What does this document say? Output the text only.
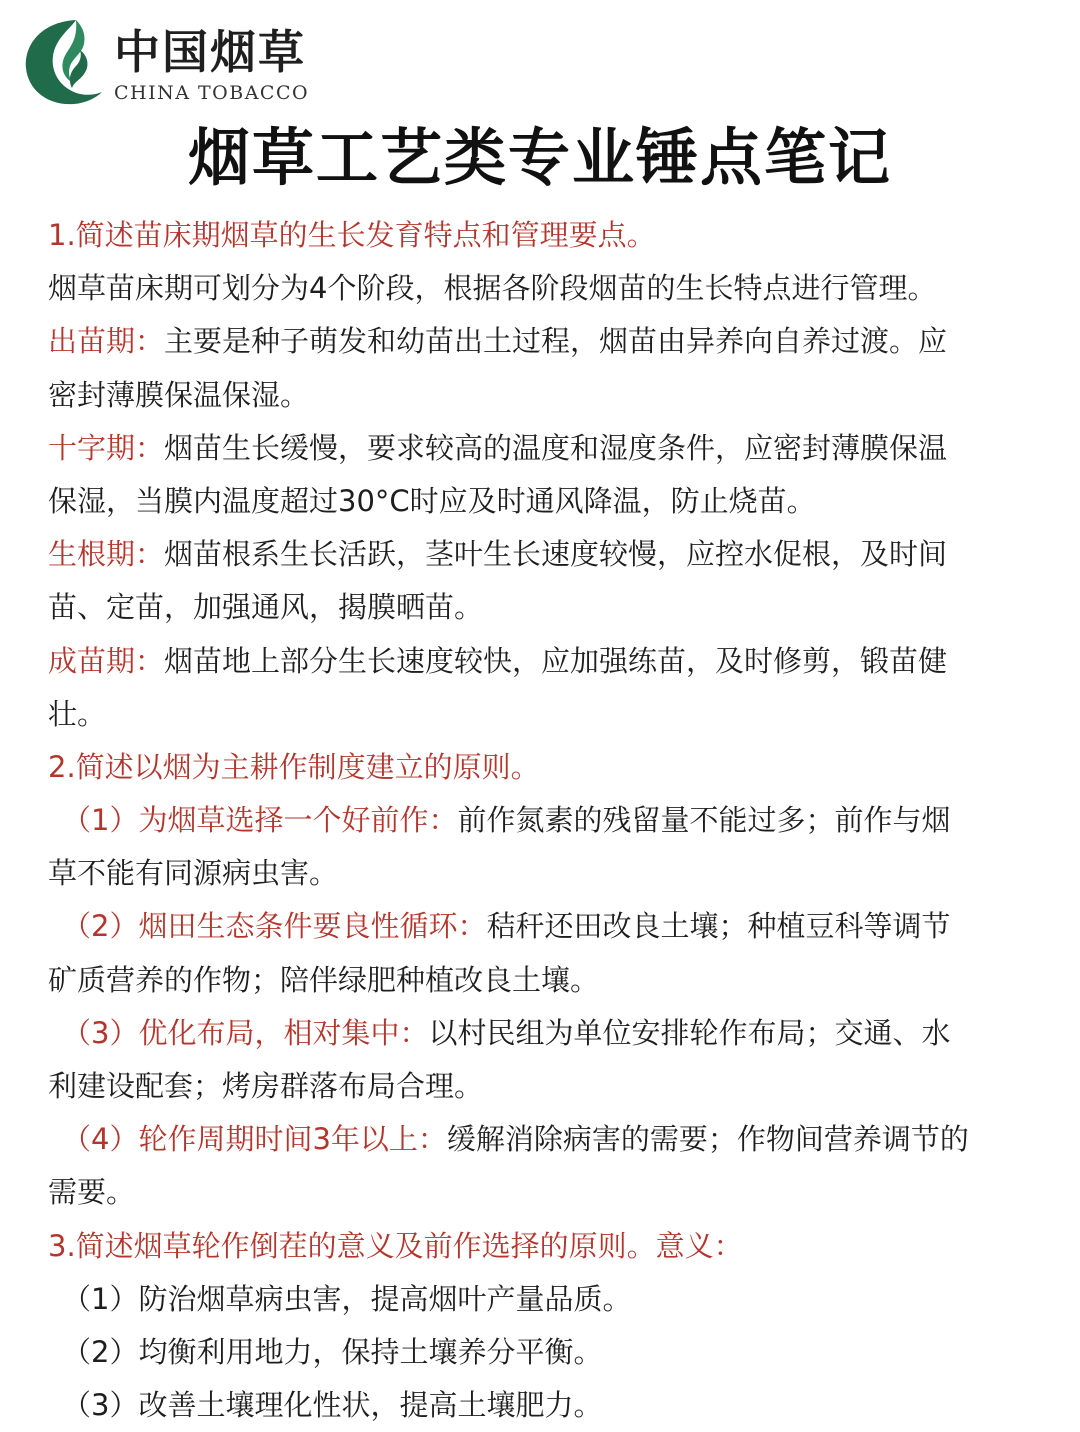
中国烟草
CHINA TOBACCO
烟草工艺类专业锤点笔记
1.简述苗床期烟草的生长发育特点和管理要点。
烟草苗床期可划分为4个阶段，根据各阶段烟苗的生长特点进行管理。
出苗期：主要是种子萌发和幼苗出土过程，烟苗由异养向自养过渡。应
密封薄膜保温保湿。
十字期：烟苗生长缓慢，要求较高的温度和湿度条件，应密封薄膜保温
保湿，当膜内温度超过30°C时应及时通风降温，防止烧苗。
生根期：烟苗根系生长活跃，茎叶生长速度较慢，应控水促根，及时间
苗、定苗，加强通风，揭膜晒苗。
成苗期：烟苗地上部分生长速度较快，应加强练苗，及时修剪，锻苗健
壮。
2.简述以烟为主耕作制度建立的原则。
（1）为烟草选择一个好前作：前作氮素的残留量不能过多；前作与烟
草不能有同源病虫害。
（2）烟田生态条件要良性循环：秸秆还田改良土壤；种植豆科等调节
矿质营养的作物；陪伴绿肥种植改良土壤。
（3）优化布局，相对集中：以村民组为单位安排轮作布局；交通、水
利建设配套；烤房群落布局合理。
（4）轮作周期时间3年以上：缓解消除病害的需要；作物间营养调节的
需要。
3.简述烟草轮作倒茬的意义及前作选择的原则。意义：
（1）防治烟草病虫害，提高烟叶产量品质。
（2）均衡利用地力，保持土壤养分平衡。
（3）改善土壤理化性状，提高土壤肥力。
